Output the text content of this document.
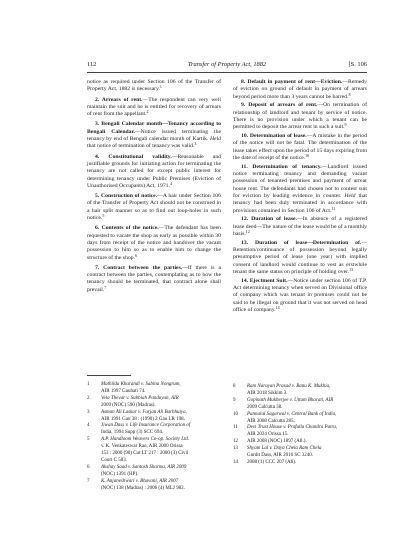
112	Transfer of Property Act, 1882	[S. 106

notice as required under Section 106 of the Transfer of Property Act, 1882 is necessary.$^1$

2. Arrears of rent.—The respondent can very well maintain the suit and he is entitled for recovery of arrears of rent from the appellant.$^2$

3. Bengali Calendar month—Tenancy according to Bengali Calendar.—Notice issued terminating the tenancy by end of Bengali calendar month of Kartik. Held that notice of termination of tenancy was valid.$^3$

4. Constitutional validity.—Reasonable and justifiable grounds for initiating action for terminating the tenancy are not called for except public interest for determining tenancy under Public Premises (Eviction of Unauthorised Occupants) Act, 1971.$^4$

5. Construction of notice.—A hair under Section 106 of the Transfer of Property Act should not be construed in a hair split manner so as to find out loop-holes in such notice.$^5$

6. Contents of the notice.—The defendant has been requested to vacate the shop as early as possible within 30 days from receipt of the notice and handover the vacant possession to him so as to enable him to change the structure of the shop.$^6$

7. Contract between the parties.—If there is a contract between the parties, contemplating as to how the tenancy should be terminated, that contract alone shall prevail.$^7$

8. Default in payment of rent—Eviction.—Remedy of eviction on ground of default in payment of arrears beyond period more than 3 years cannot be barred.$^8$

9. Deposit of arrears of rent.—On termination of relationship of landlord and tenant by service of notice. There is no provision under which a tenant can be permitted to deposit the arrear rent in such a suit.$^9$

10. Determination of lease.—A mistake in the period of the notice will not be fatal. The determination of the lease takes effect upon the period of 15 days expiring from the date of receipt of the notice.$^{10}$

11. Determination of tenancy.—Landlord issued notice terminating tenancy and demanding vacant possession of tenanted premises and payment of arrear house rent. The defendants had chosen not to contest suit for eviction by leading evidence in counter. Held that tenancy had been duly terminated in accordance with provisions contained in Section 106 of Act.$^{11}$

12. Duration of lease.—In absence of a registered lease deed—The nature of the lease would be of a monthly basis.$^{12}$

13. Duration of lease—Determination of.—Retention/continuance of possession beyond legally presumptive period of lease (one year) with implied consent of landlord would continue to vest as erstwhile tenant the same status on principle of holding over.$^{13}$

14. Ejectment Suit.—Notice under section 106 of T.P. Act determining tenancy when served on Divisional office of company which was tenant in premises could not be said to be illegal on ground that it was not served on head office of company.$^{14}$

1 Mathilda Kharandi v. Sabina Nongrum,
AIR 1997 Gauhati 74.

2 Vela Thevar v. Subbiah Pandayan, AIR
2009 (NOC) 590 (Madras).

3 Asman Ali Laskar v. Farjan Ali Barbhuiya,
AIR 1991 Gau 38 : (1990) 2 Gau LR 198.

4 Jiwan Dass v. Life Insurance Corporation of
India, 1994 Supp (3) SCC 694.

5 A.P. Handloom Weavers Co-op. Society Ltd.
v. K. Venkateswar Rao, AIR 2000 Orissa
153 : 2000 (90) Cut LT 217 : 2000 (3) Civil
Court C 503.

6 Akshay Saad v. Santosh Sharma, AIR 2009
(NOC) 1391 (HP).

7 K. Anjaneshwari v. Bhavani, AIR 2007
(NOC) 138 (Madras) : 2006 (4) MLJ 982.

8 Ram Narayan Prasad v. Banu K. Mukhia,
AIR 2018 Sikkim 3.

9 Gopinath Mukherjee v. Uttam Bharati, AIR
2009 Calcutta 38.

10 Pannalal Sagarwal v. Central Bank of India,
AIR 2008 Calcutta 285.

11 Devi Trust House v. Prafulla Chandra Patra,
AIR 2024 Orissa 15.

12 AIR 2008 (NOC) 1897 (All.).

13 Shyam Lal v. Daya Chela Ram Chela
Gurdit Dass, AIR 2016 SC 3240.

14 2008 (1) CCC 207 (All).
